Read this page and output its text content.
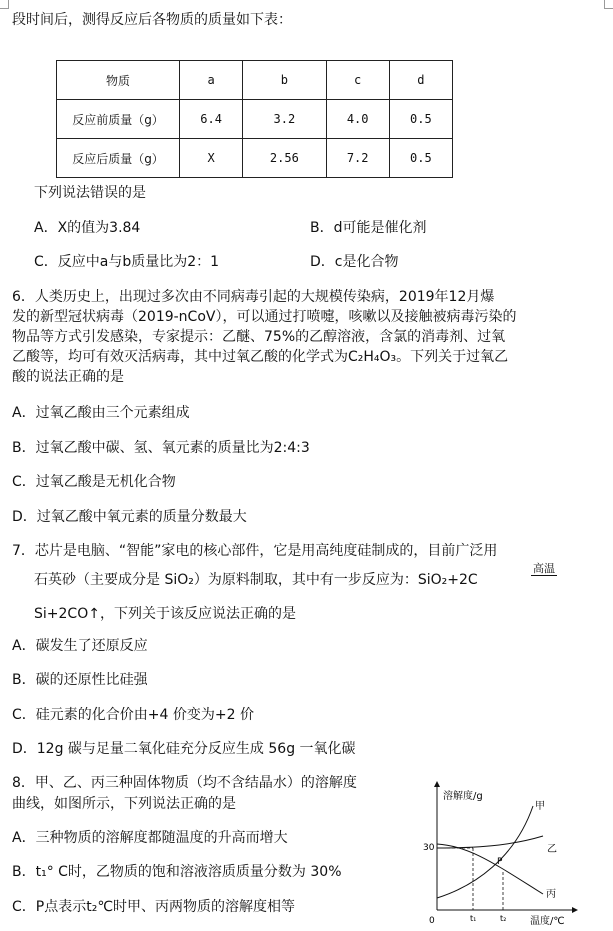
段时间后，测得反应后各物质的质量如下表：
物质	a	b	c	d
反应前质量（g）	6.4	3.2	4.0	0.5
反应后质量（g）	X	2.56	7.2	0.5
下列说法错误的是
A．X的值为3.84	B．d可能是催化剂
C．反应中a与b质量比为2：1	D．c是化合物
6．人类历史上，出现过多次由不同病毒引起的大规模传染病，2019年12月爆
发的新型冠状病毒（2019-nCoV），可以通过打喷嚏，咳嗽以及接触被病毒污染的
物品等方式引发感染，专家提示：乙醚、75%的乙醇溶液，含氯的消毒剂、过氧
乙酸等，均可有效灭活病毒，其中过氧乙酸的化学式为C₂H₄O₃。下列关于过氧乙
酸的说法正确的是
A．过氧乙酸由三个元素组成
B．过氧乙酸中碳、氢、氧元素的质量比为2:4:3
C．过氧乙酸是无机化合物
D．过氧乙酸中氧元素的质量分数最大
7．芯片是电脑、“智能”家电的核心部件，它是用高纯度硅制成的，目前广泛用
石英砂（主要成分是 SiO₂）为原料制取，其中有一步反应为：SiO₂+2C
高温
Si+2CO↑，下列关于该反应说法正确的是
A．碳发生了还原反应
B．碳的还原性比硅强
C．硅元素的化合价由+4 价变为+2 价
D．12g 碳与足量二氧化硅充分反应生成 56g 一氧化碳
8．甲、乙、丙三种固体物质（均不含结晶水）的溶解度
曲线，如图所示，下列说法正确的是
A．三种物质的溶解度都随温度的升高而增大
B．t₁° C时，乙物质的饱和溶液溶质质量分数为 30%
C．P点表示t₂℃时甲、丙两物质的溶解度相等
溶解度/g
温度/℃
0
30
t₁	t₂
甲
乙
丙
P
